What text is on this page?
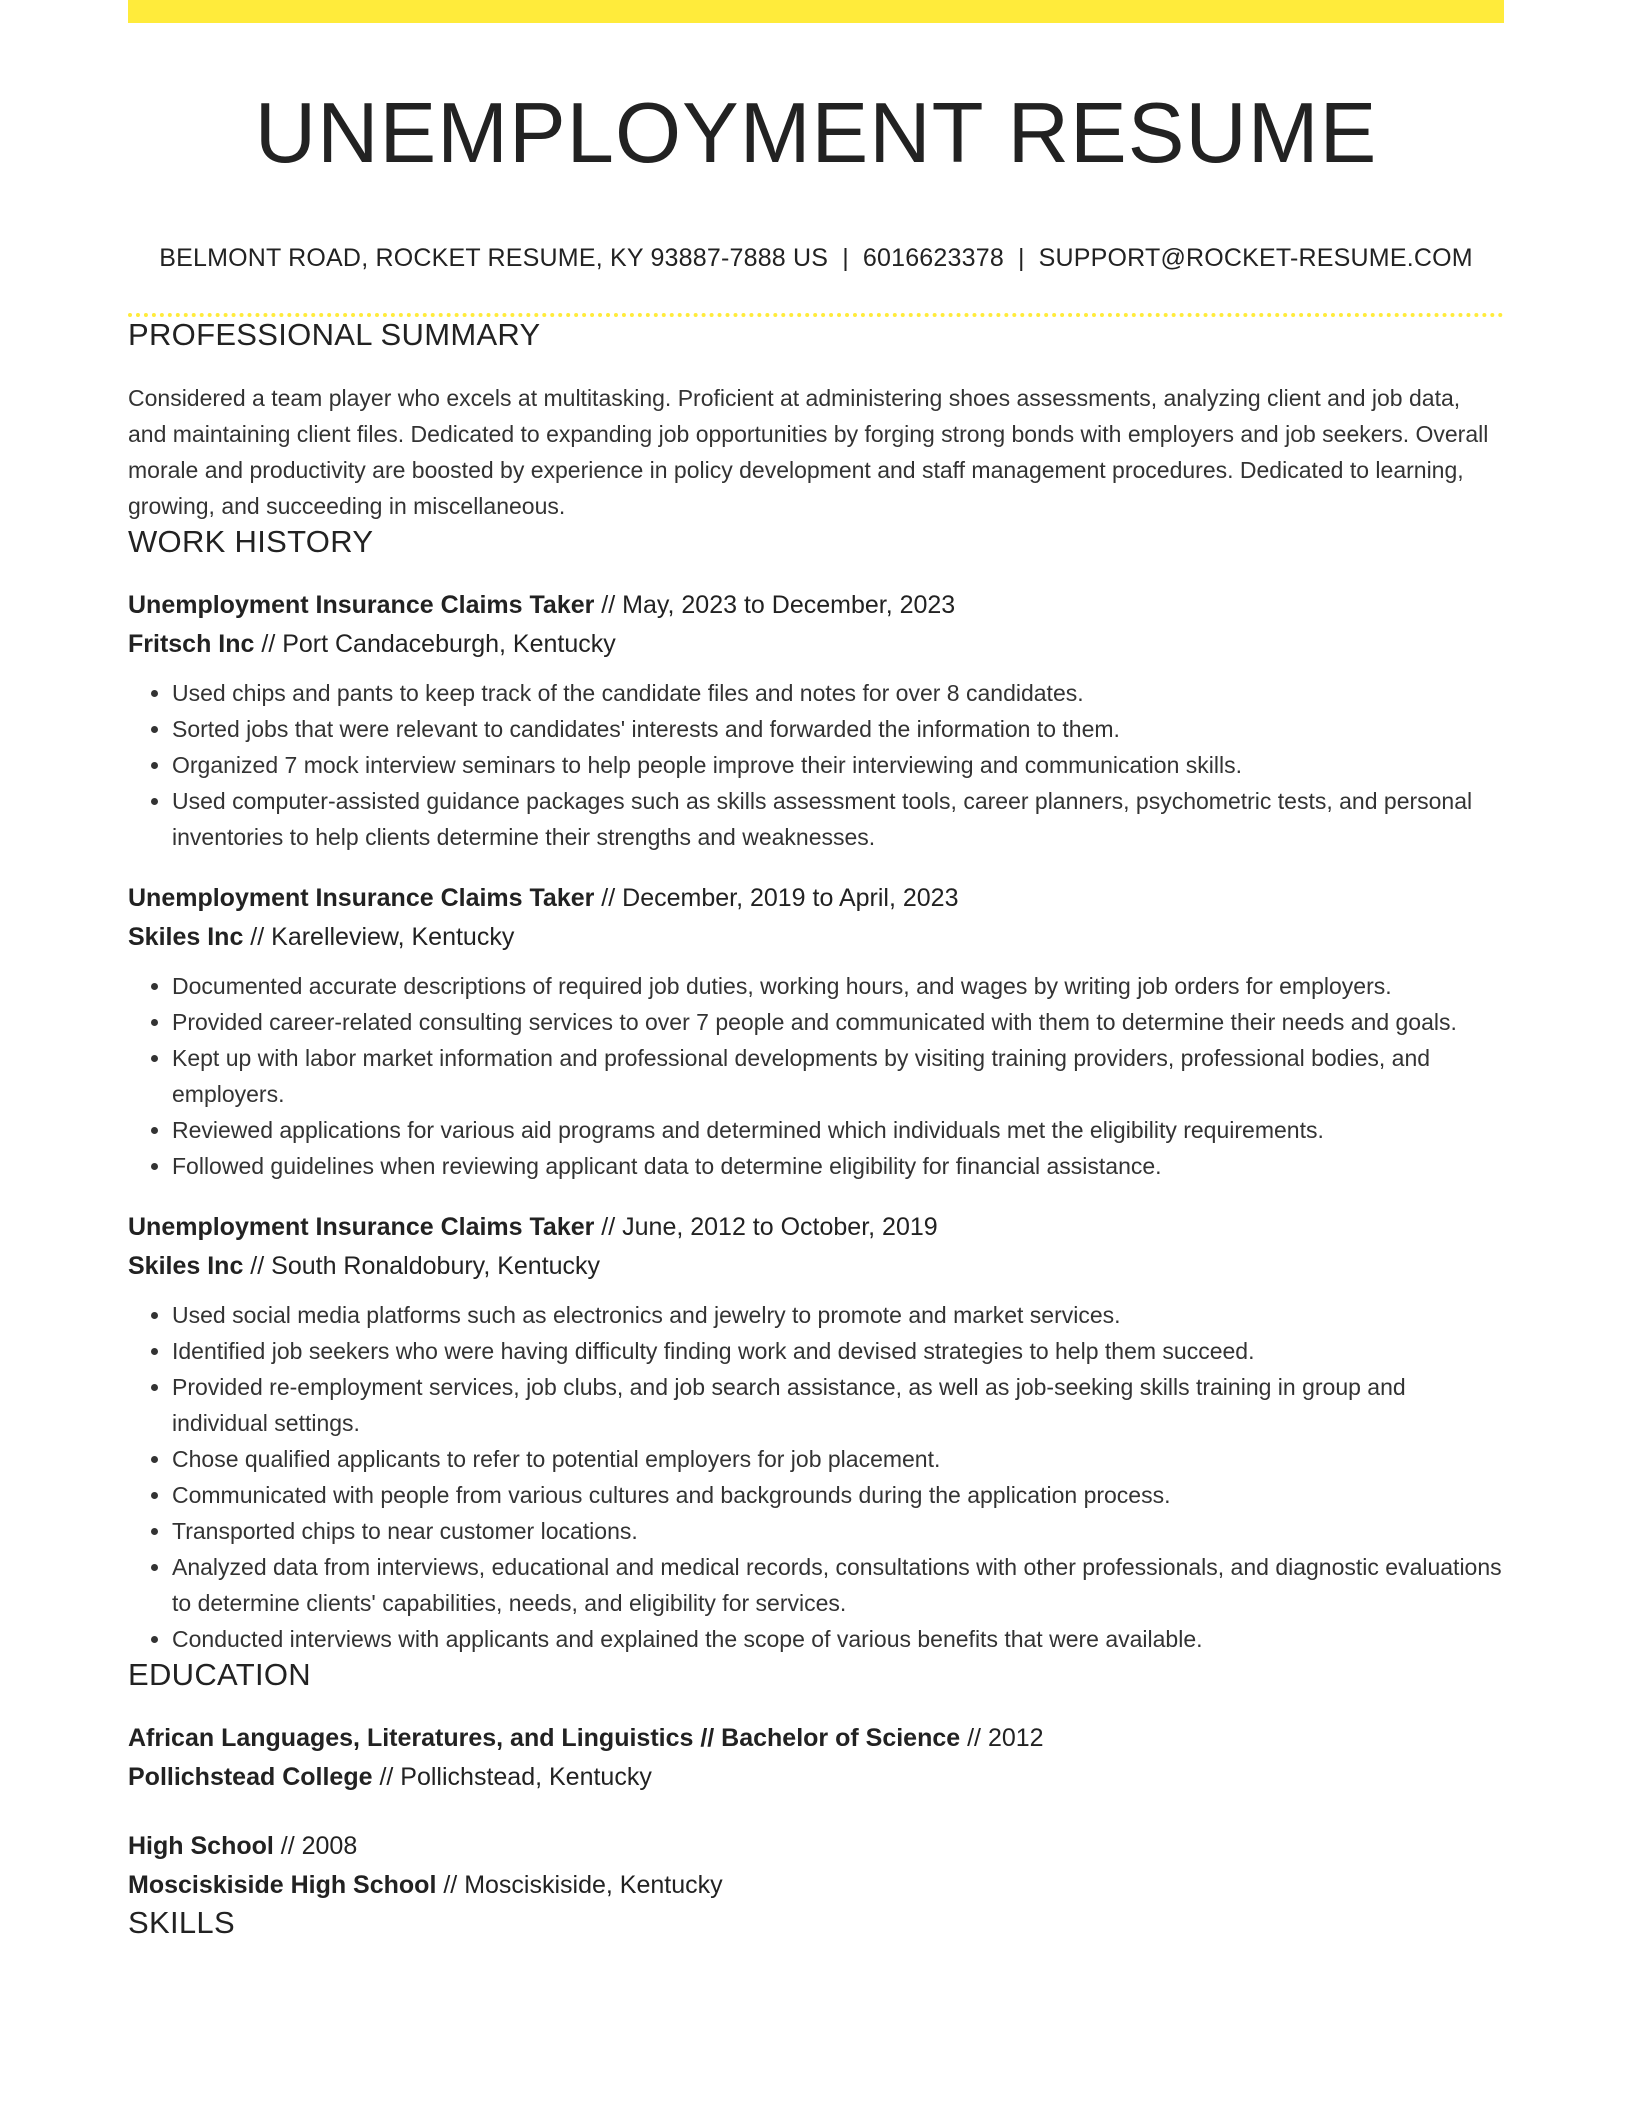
UNEMPLOYMENT RESUME
BELMONT ROAD, ROCKET RESUME, KY 93887-7888 US | 6016623378 | SUPPORT@ROCKET-RESUME.COM
PROFESSIONAL SUMMARY

Considered a team player who excels at multitasking. Proficient at administering shoes assessments, analyzing client and job data, and maintaining client files. Dedicated to expanding job opportunities by forging strong bonds with employers and job seekers. Overall morale and productivity are boosted by experience in policy development and staff management procedures. Dedicated to learning, growing, and succeeding in miscellaneous.

WORK HISTORY
Unemployment Insurance Claims Taker // May, 2023 to December, 2023
Fritsch Inc // Port Candaceburgh, Kentucky
• Used chips and pants to keep track of the candidate files and notes for over 8 candidates.
• Sorted jobs that were relevant to candidates' interests and forwarded the information to them.
• Organized 7 mock interview seminars to help people improve their interviewing and communication skills.
• Used computer-assisted guidance packages such as skills assessment tools, career planners, psychometric tests, and personal inventories to help clients determine their strengths and weaknesses.
Unemployment Insurance Claims Taker // December, 2019 to April, 2023
Skiles Inc // Karelleview, Kentucky
• Documented accurate descriptions of required job duties, working hours, and wages by writing job orders for employers.
• Provided career-related consulting services to over 7 people and communicated with them to determine their needs and goals.
• Kept up with labor market information and professional developments by visiting training providers, professional bodies, and employers.
• Reviewed applications for various aid programs and determined which individuals met the eligibility requirements.
• Followed guidelines when reviewing applicant data to determine eligibility for financial assistance.
Unemployment Insurance Claims Taker // June, 2012 to October, 2019
Skiles Inc // South Ronaldobury, Kentucky
• Used social media platforms such as electronics and jewelry to promote and market services.
• Identified job seekers who were having difficulty finding work and devised strategies to help them succeed.
• Provided re-employment services, job clubs, and job search assistance, as well as job-seeking skills training in group and individual settings.
• Chose qualified applicants to refer to potential employers for job placement.
• Communicated with people from various cultures and backgrounds during the application process.
• Transported chips to near customer locations.
• Analyzed data from interviews, educational and medical records, consultations with other professionals, and diagnostic evaluations to determine clients' capabilities, needs, and eligibility for services.
• Conducted interviews with applicants and explained the scope of various benefits that were available.
EDUCATION
African Languages, Literatures, and Linguistics // Bachelor of Science // 2012
Pollichstead College // Pollichstead, Kentucky
High School // 2008
Mosciskiside High School // Mosciskiside, Kentucky
SKILLS
